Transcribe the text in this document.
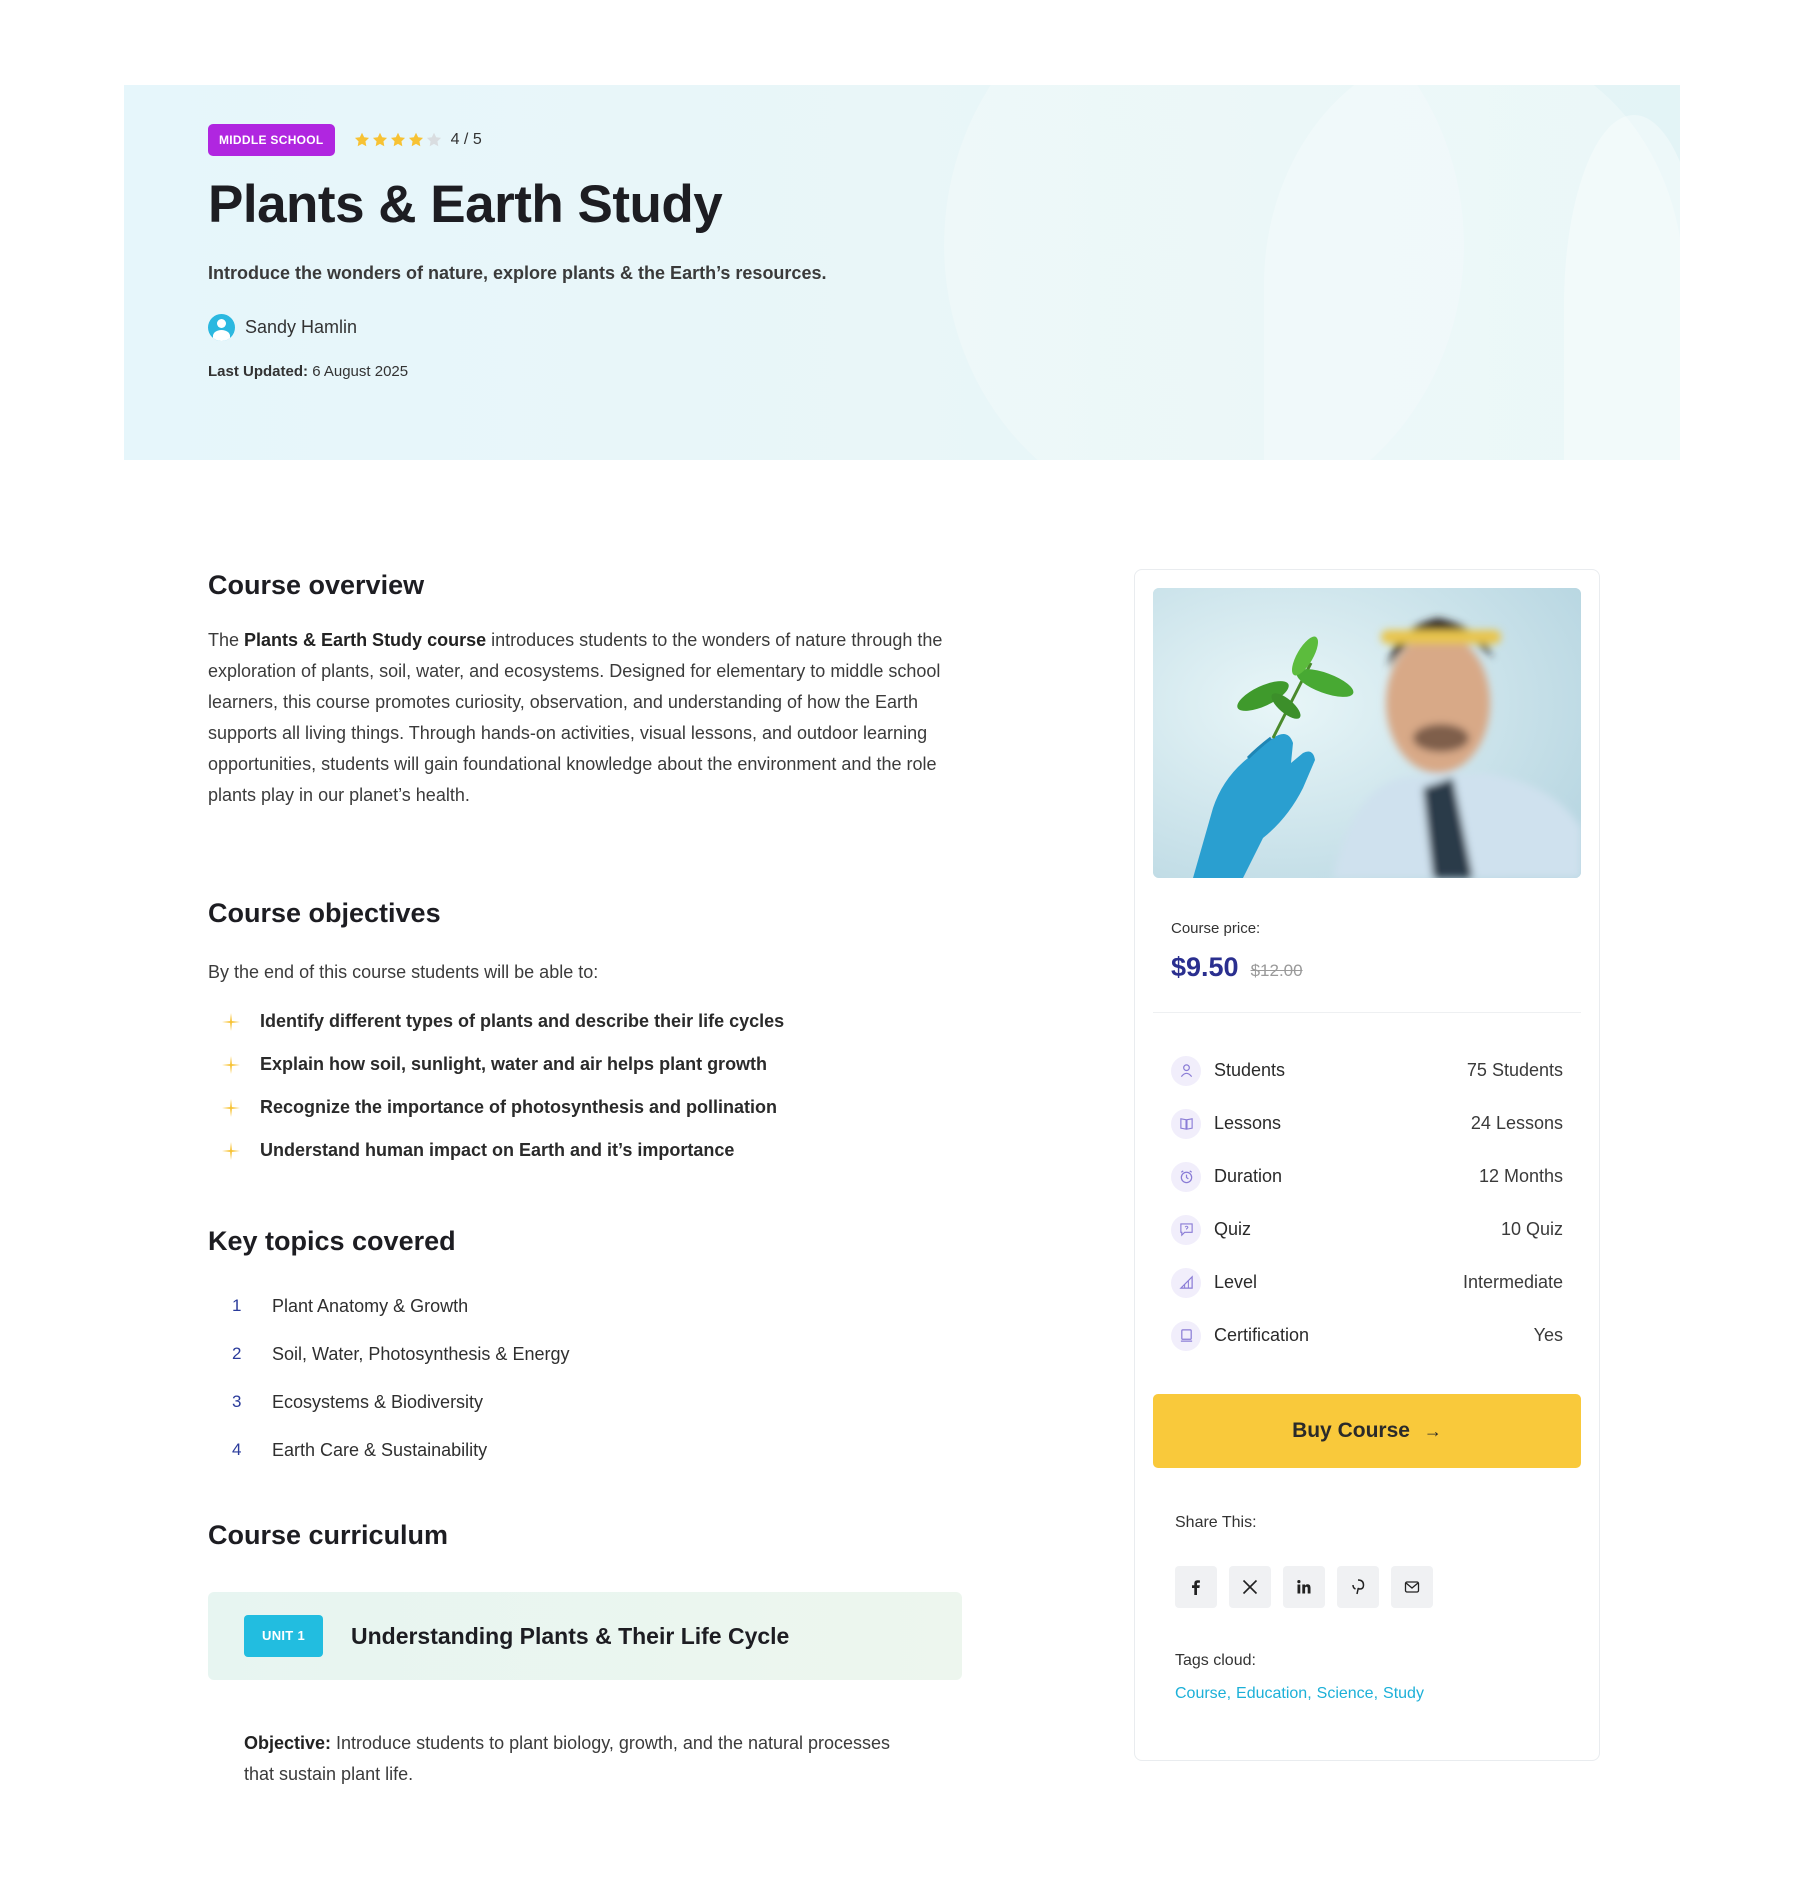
MIDDLE SCHOOL	4 / 5
Plants & Earth Study

Introduce the wonders of nature, explore plants & the Earth’s resources.

Sandy Hamlin

Last Updated: 6 August 2025

Course overview

The Plants & Earth Study course introduces students to the wonders of nature through the exploration of plants, soil, water, and ecosystems. Designed for elementary to middle school learners, this course promotes curiosity, observation, and understanding of how the Earth supports all living things. Through hands-on activities, visual lessons, and outdoor learning opportunities, students will gain foundational knowledge about the environment and the role plants play in our planet’s health.

Course objectives

By the end of this course students will be able to:

Identify different types of plants and describe their life cycles
Explain how soil, sunlight, water and air helps plant growth
Recognize the importance of photosynthesis and pollination
Understand human impact on Earth and it’s importance
Key topics covered
1	Plant Anatomy & Growth
2	Soil, Water, Photosynthesis & Energy
3	Ecosystems & Biodiversity
4	Earth Care & Sustainability
Course curriculum
UNIT 1	Understanding Plants & Their Life Cycle

Objective: Introduce students to plant biology, growth, and the natural processes that sustain plant life.

Course price:

$9.50 $12.00
Students	75 Students
Lessons	24 Lessons
Duration	12 Months
Quiz	10 Quiz
Level	Intermediate
Certification	Yes
Buy Course →

Share This:

Tags cloud:

Course, Education, Science, Study
